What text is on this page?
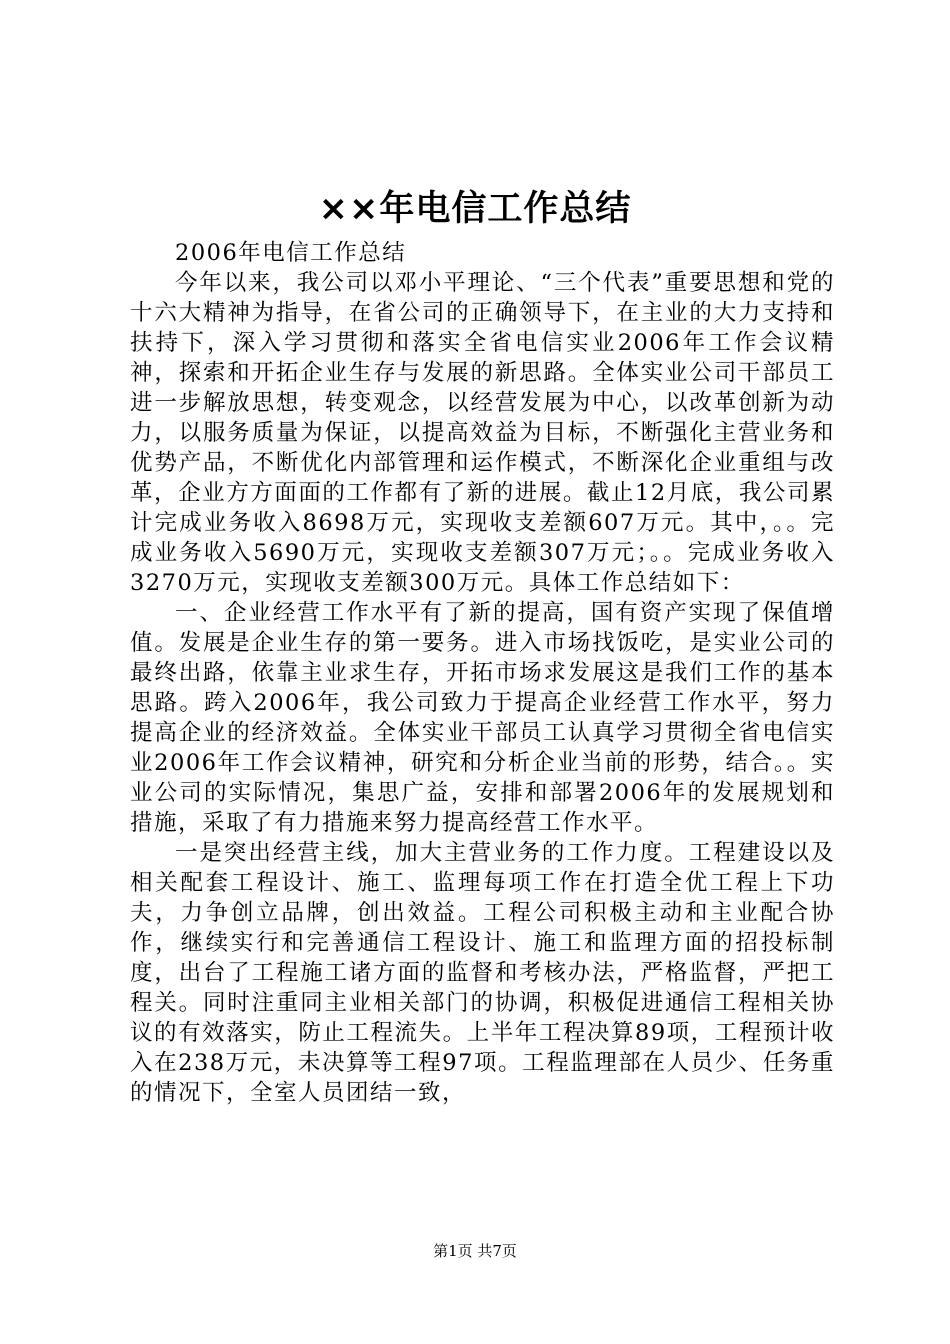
××年电信工作总结

2006年电信工作总结

今年以来，我公司以邓小平理论、“三个代表”重要思想和党的十六大精神为指导，在省公司的正确领导下，在主业的大力支持和扶持下，深入学习贯彻和落实全省电信实业2006年工作会议精神，探索和开拓企业生存与发展的新思路。全体实业公司干部员工进一步解放思想，转变观念，以经营发展为中心，以改革创新为动力，以服务质量为保证，以提高效益为目标，不断强化主营业务和优势产品，不断优化内部管理和运作模式，不断深化企业重组与改革，企业方方面面的工作都有了新的进展。截止12月底，我公司累计完成业务收入8698万元，实现收支差额607万元。其中，。。完成业务收入5690万元，实现收支差额307万元；。。完成业务收入3270万元，实现收支差额300万元。具体工作总结如下：

一、企业经营工作水平有了新的提高，国有资产实现了保值增值。发展是企业生存的第一要务。进入市场找饭吃，是实业公司的最终出路，依靠主业求生存，开拓市场求发展这是我们工作的基本思路。跨入2006年，我公司致力于提高企业经营工作水平，努力提高企业的经济效益。全体实业干部员工认真学习贯彻全省电信实业2006年工作会议精神，研究和分析企业当前的形势，结合。。实业公司的实际情况，集思广益，安排和部署2006年的发展规划和措施，采取了有力措施来努力提高经营工作水平。

一是突出经营主线，加大主营业务的工作力度。工程建设以及相关配套工程设计、施工、监理每项工作在打造全优工程上下功夫，力争创立品牌，创出效益。工程公司积极主动和主业配合协作，继续实行和完善通信工程设计、施工和监理方面的招投标制度，出台了工程施工诸方面的监督和考核办法，严格监督，严把工程关。同时注重同主业相关部门的协调，积极促进通信工程相关协议的有效落实，防止工程流失。上半年工程决算89项，工程预计收入在238万元，未决算等工程97项。工程监理部在人员少、任务重的情况下，全室人员团结一致，

第1页 共7页
